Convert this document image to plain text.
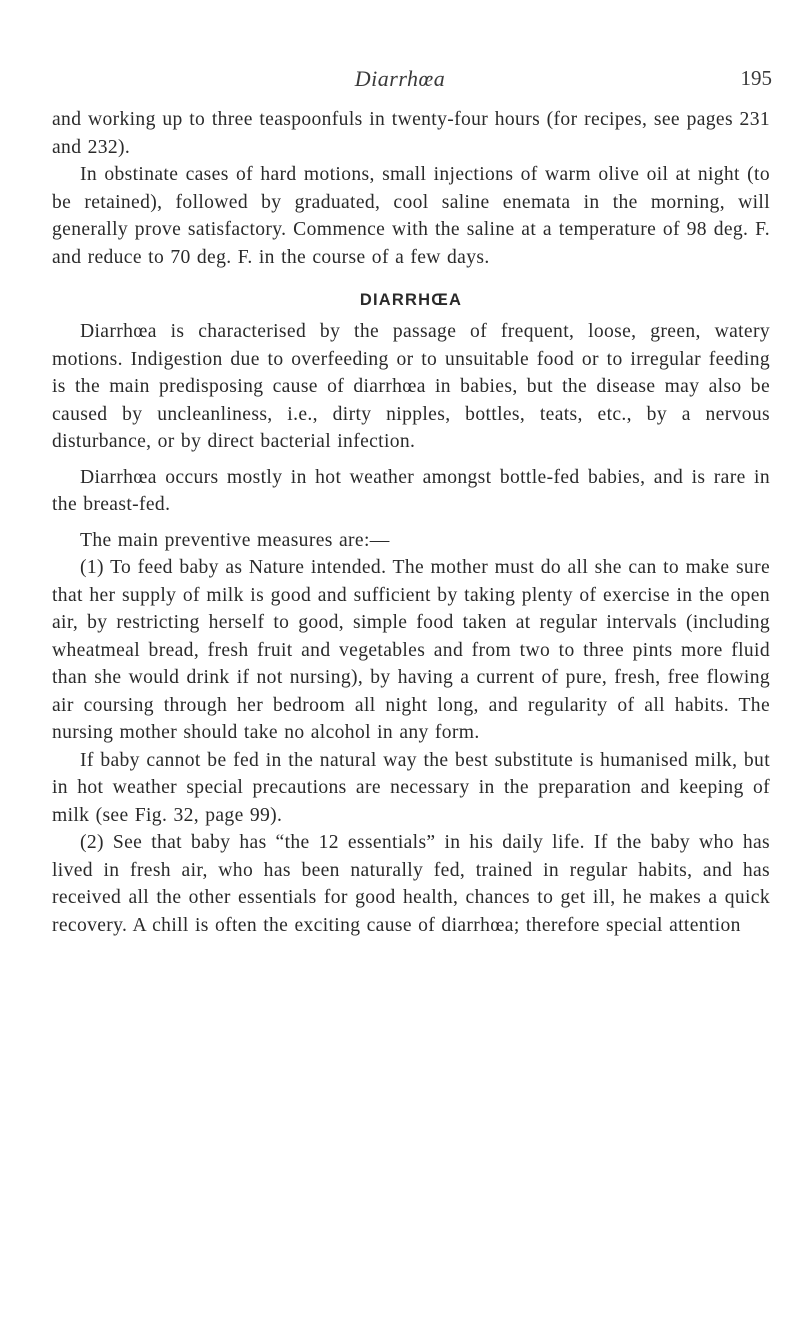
Diarrhœa	195

and working up to three teaspoonfuls in twenty-four hours (for recipes, see pages 231 and 232).

In obstinate cases of hard motions, small injections of warm olive oil at night (to be retained), followed by graduated, cool saline enemata in the morning, will generally prove satisfactory. Commence with the saline at a temperature of 98 deg. F. and reduce to 70 deg. F. in the course of a few days.

DIARRHŒA

Diarrhœa is characterised by the passage of frequent, loose, green, watery motions. Indigestion due to overfeeding or to unsuitable food or to irregular feeding is the main predisposing cause of diarrhœa in babies, but the disease may also be caused by uncleanliness, i.e., dirty nipples, bottles, teats, etc., by a nervous disturbance, or by direct bacterial infection.

Diarrhœa occurs mostly in hot weather amongst bottle-fed babies, and is rare in the breast-fed.

The main preventive measures are:—

(1) To feed baby as Nature intended. The mother must do all she can to make sure that her supply of milk is good and sufficient by taking plenty of exercise in the open air, by restricting herself to good, simple food taken at regular intervals (including wheatmeal bread, fresh fruit and vegetables and from two to three pints more fluid than she would drink if not nursing), by having a current of pure, fresh, free flowing air coursing through her bedroom all night long, and regularity of all habits. The nursing mother should take no alcohol in any form.

If baby cannot be fed in the natural way the best substitute is humanised milk, but in hot weather special precautions are necessary in the preparation and keeping of milk (see Fig. 32, page 99).

(2) See that baby has “the 12 essentials” in his daily life. If the baby who has lived in fresh air, who has been naturally fed, trained in regular habits, and has received all the other essentials for good health, chances to get ill, he makes a quick recovery. A chill is often the exciting cause of diarrhœa; therefore special attention
